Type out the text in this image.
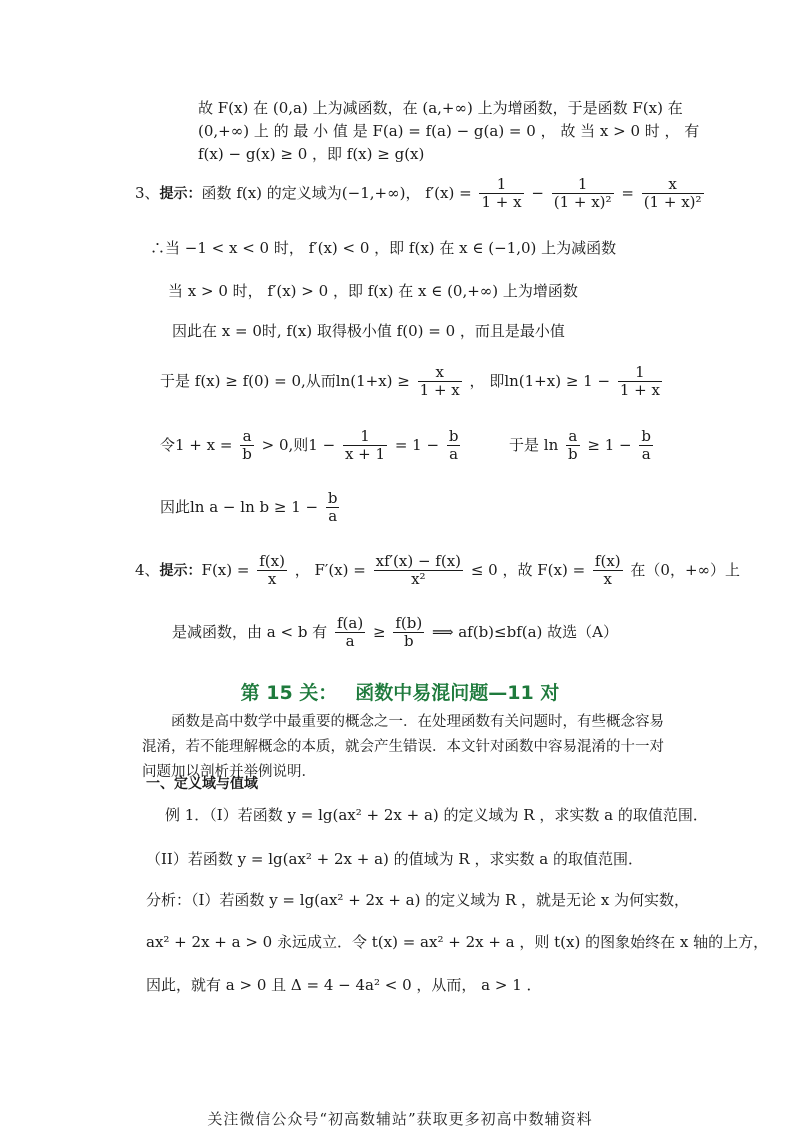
故 F(x) 在 (0,a) 上为减函数，在 (a,+∞) 上为增函数，于是函数 F(x) 在
(0,+∞) 上 的 最 小 值 是 F(a) = f(a) − g(a) = 0 ， 故 当 x > 0 时 ， 有
f(x) − g(x) ≥ 0 ，即 f(x) ≥ g(x)
3、提示：函数 f(x) 的定义域为(−1,+∞)， $f'(x) = \frac{1}{1 + x} - \frac{1}{\text{(1 + x)²}} = \frac{x}{\text{(1 + x)²}}$
∴当 −1 < x < 0 时， f′(x) < 0 ，即 f(x) 在 x ∈ (−1,0) 上为减函数
当 x > 0 时， f′(x) > 0 ，即 f(x) 在 x ∈ (0,+∞) 上为增函数
因此在 x = 0时, f(x) 取得极小值 f(0) = 0 ，而且是最小值
于是 f(x) ≥ f(0) = 0,从而$\ln(1+x) \ge \frac{x}{1 + x}$ ， 即$\ln(1+x) \ge 1 - \frac{1}{1 + x}$
令$1 + x = \frac{a}{b} > 0$,则$1 - \frac{1}{x + 1} = 1 - \frac{b}{a}$	于是 $\ln \frac{a}{b} \ge 1 - \frac{b}{a}$
因此$\ln a - \ln b \ge 1 - \frac{b}{a}$
4、提示：$F(x) = \frac{f(x)}{x}$ ， $F'(x) = \frac{xf'(x) - f(x)}{\text{x²}} \le 0$ ，故 $F(x) = \frac{f(x)}{x}$ 在（0，+∞）上
是减函数，由 a < b 有 $\frac{f(a)}{a} \ge \frac{f(b)}{b}$ ⟹ af(b)≤bf(a) 故选（A）
第 15 关： 函数中易混问题—11 对
函数是高中数学中最重要的概念之一．在处理函数有关问题时，有些概念容易混淆，若不能理解概念的本质，就会产生错误．本文针对函数中容易混淆的十一对问题加以剖析并举例说明．
一、定义域与值域
例 1．（I）若函数 y = lg(ax² + 2x + a) 的定义域为 R ，求实数 a 的取值范围．
（II）若函数 y = lg(ax² + 2x + a) 的值域为 R ，求实数 a 的取值范围．
分析：（I）若函数 y = lg(ax² + 2x + a) 的定义域为 R ，就是无论 x 为何实数，
ax² + 2x + a > 0 永远成立．令 t(x) = ax² + 2x + a ，则 t(x) 的图象始终在 x 轴的上方，
因此，就有 a > 0 且 Δ = 4 − 4a² < 0 ，从而， a > 1 ．
关注微信公众号“初高数辅站”获取更多初高中数辅资料
